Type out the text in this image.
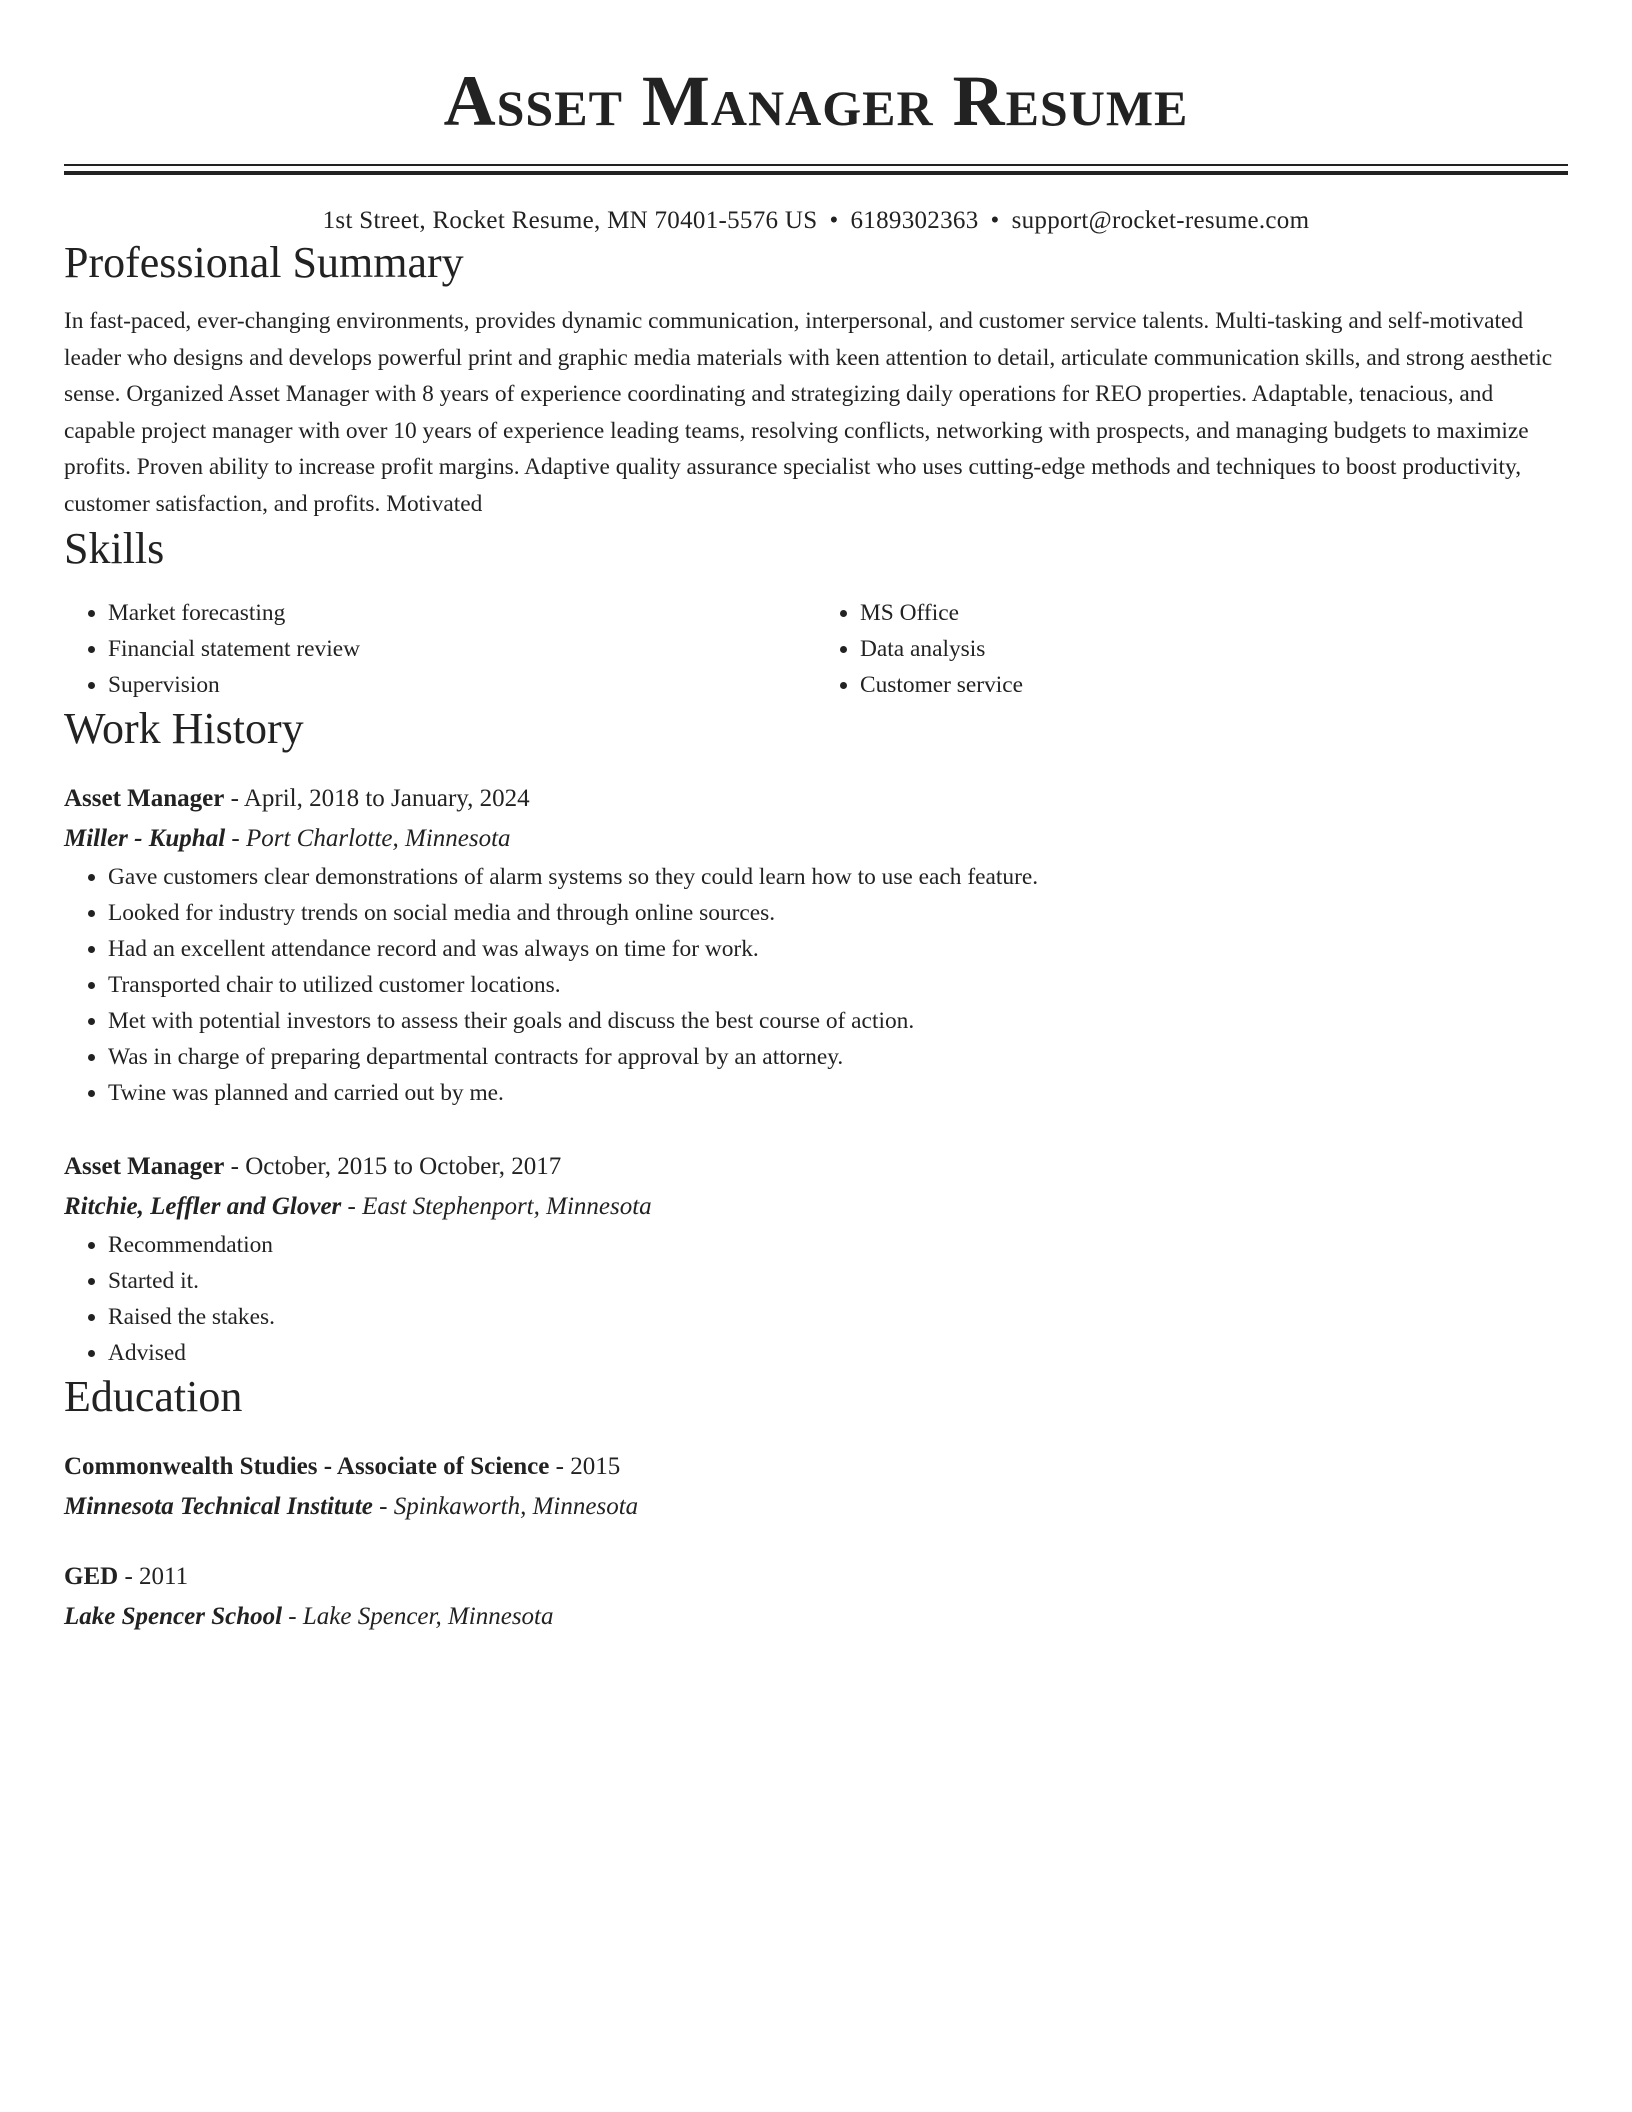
Asset Manager Resume
1st Street, Rocket Resume, MN 70401-5576 US • 6189302363 • support@rocket-resume.com
Professional Summary

In fast-paced, ever-changing environments, provides dynamic communication, interpersonal, and customer service talents. Multi-tasking and self-motivated leader who designs and develops powerful print and graphic media materials with keen attention to detail, articulate communication skills, and strong aesthetic sense. Organized Asset Manager with 8 years of experience coordinating and strategizing daily operations for REO properties. Adaptable, tenacious, and capable project manager with over 10 years of experience leading teams, resolving conflicts, networking with prospects, and managing budgets to maximize profits. Proven ability to increase profit margins. Adaptive quality assurance specialist who uses cutting-edge methods and techniques to boost productivity, customer satisfaction, and profits. Motivated

Skills
• Market forecasting
• Financial statement review
• Supervision
• MS Office
• Data analysis
• Customer service
Work History
Asset Manager - April, 2018 to January, 2024
Miller - Kuphal - Port Charlotte, Minnesota
• Gave customers clear demonstrations of alarm systems so they could learn how to use each feature.
• Looked for industry trends on social media and through online sources.
• Had an excellent attendance record and was always on time for work.
• Transported chair to utilized customer locations.
• Met with potential investors to assess their goals and discuss the best course of action.
• Was in charge of preparing departmental contracts for approval by an attorney.
• Twine was planned and carried out by me.
Asset Manager - October, 2015 to October, 2017
Ritchie, Leffler and Glover - East Stephenport, Minnesota
• Recommendation
• Started it.
• Raised the stakes.
• Advised
Education
Commonwealth Studies - Associate of Science - 2015
Minnesota Technical Institute - Spinkaworth, Minnesota
GED - 2011
Lake Spencer School - Lake Spencer, Minnesota
